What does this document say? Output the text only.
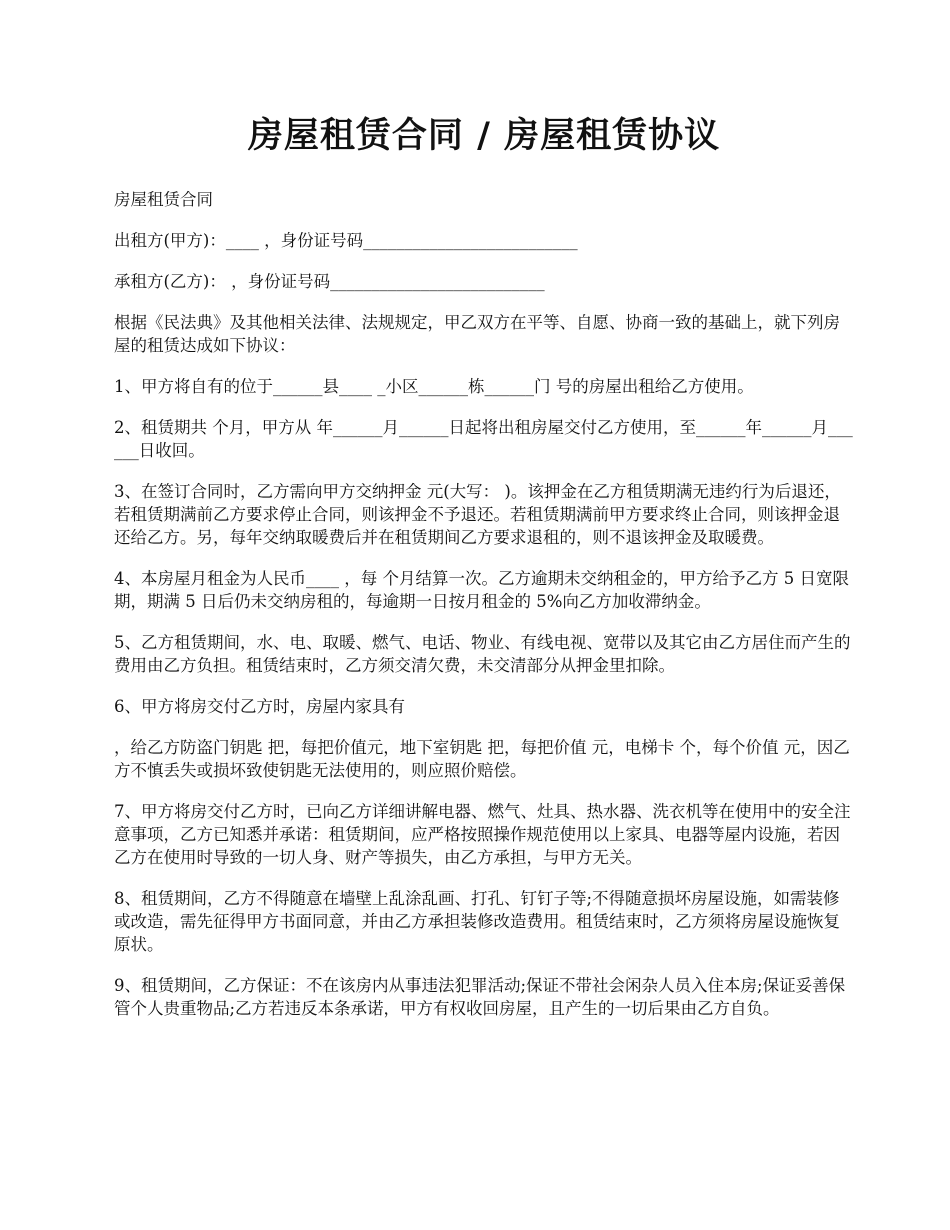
房屋租赁合同 / 房屋租赁协议

房屋租赁合同

出租方(甲方)：____ ，身份证号码__________________________

承租方(乙方)： ，身份证号码__________________________

根据《民法典》及其他相关法律、法规规定，甲乙双方在平等、自愿、协商一致的基础上，就下列房屋的租赁达成如下协议：

1、甲方将自有的位于______县____ _小区______栋______门 号的房屋出租给乙方使用。

2、租赁期共 个月，甲方从 年______月______日起将出租房屋交付乙方使用，至______年______月______日收回。

3、在签订合同时，乙方需向甲方交纳押金 元(大写： )。该押金在乙方租赁期满无违约行为后退还，若租赁期满前乙方要求停止合同，则该押金不予退还。若租赁期满前甲方要求终止合同，则该押金退还给乙方。另，每年交纳取暖费后并在租赁期间乙方要求退租的，则不退该押金及取暖费。

4、本房屋月租金为人民币____ ，每 个月结算一次。乙方逾期未交纳租金的，甲方给予乙方 5 日宽限期，期满 5 日后仍未交纳房租的，每逾期一日按月租金的 5%向乙方加收滞纳金。

5、乙方租赁期间，水、电、取暖、燃气、电话、物业、有线电视、宽带以及其它由乙方居住而产生的费用由乙方负担。租赁结束时，乙方须交清欠费，未交清部分从押金里扣除。

6、甲方将房交付乙方时，房屋内家具有

，给乙方防盗门钥匙 把，每把价值元，地下室钥匙 把，每把价值 元，电梯卡 个，每个价值 元，因乙方不慎丢失或损坏致使钥匙无法使用的，则应照价赔偿。

7、甲方将房交付乙方时，已向乙方详细讲解电器、燃气、灶具、热水器、洗衣机等在使用中的安全注意事项，乙方已知悉并承诺：租赁期间，应严格按照操作规范使用以上家具、电器等屋内设施，若因乙方在使用时导致的一切人身、财产等损失，由乙方承担，与甲方无关。

8、租赁期间，乙方不得随意在墙壁上乱涂乱画、打孔、钉钉子等;不得随意损坏房屋设施，如需装修或改造，需先征得甲方书面同意，并由乙方承担装修改造费用。租赁结束时，乙方须将房屋设施恢复原状。

9、租赁期间，乙方保证：不在该房内从事违法犯罪活动;保证不带社会闲杂人员入住本房;保证妥善保管个人贵重物品;乙方若违反本条承诺，甲方有权收回房屋，且产生的一切后果由乙方自负。
